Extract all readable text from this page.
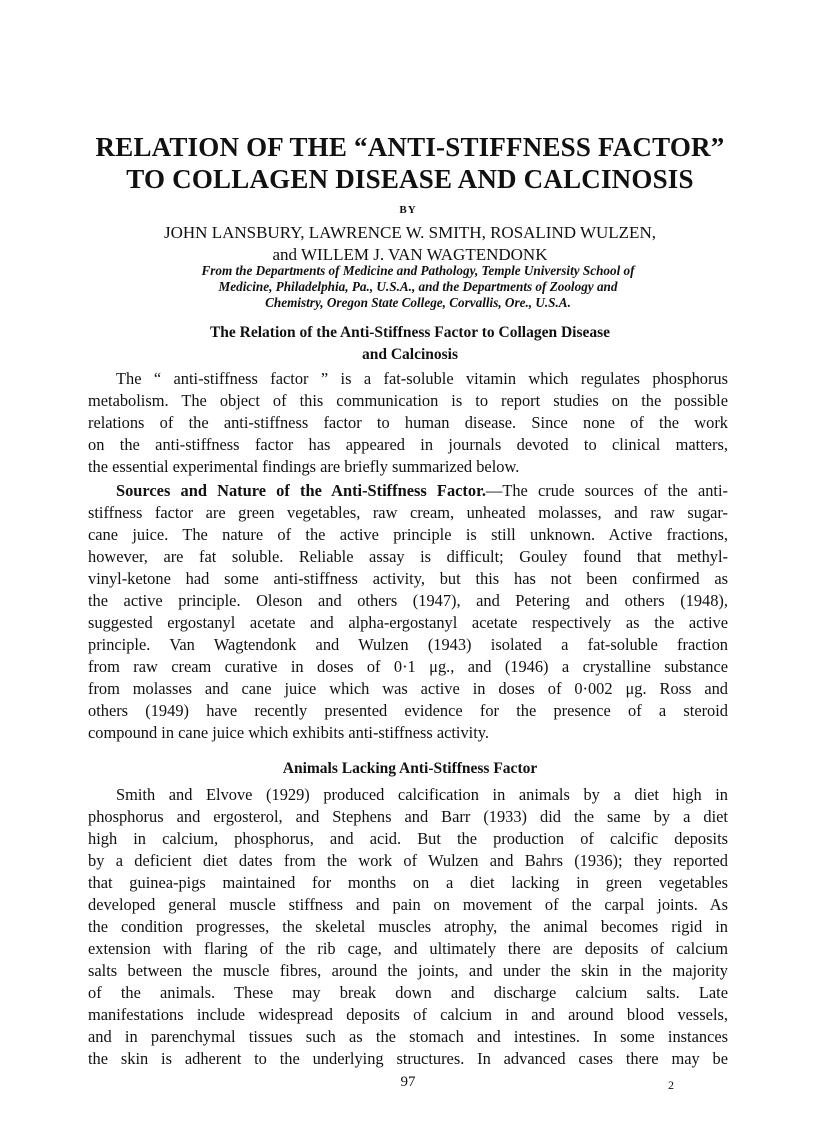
RELATION OF THE “ANTI-STIFFNESS FACTOR”
TO COLLAGEN DISEASE AND CALCINOSIS
BY
JOHN LANSBURY, LAWRENCE W. SMITH, ROSALIND WULZEN,
and WILLEM J. VAN WAGTENDONK
From the Departments of Medicine and Pathology, Temple University School of
Medicine, Philadelphia, Pa., U.S.A., and the Departments of Zoology and
Chemistry, Oregon State College, Corvallis, Ore., U.S.A.
The Relation of the Anti-Stiffness Factor to Collagen Disease
and Calcinosis
The “ anti-stiffness factor ” is a fat-soluble vitamin which regulates phosphorus
metabolism. The object of this communication is to report studies on the possible
relations of the anti-stiffness factor to human disease. Since none of the work
on the anti-stiffness factor has appeared in journals devoted to clinical matters,
the essential experimental findings are briefly summarized below.
Sources and Nature of the Anti-Stiffness Factor.—The crude sources of the anti-
stiffness factor are green vegetables, raw cream, unheated molasses, and raw sugar-
cane juice. The nature of the active principle is still unknown. Active fractions,
however, are fat soluble. Reliable assay is difficult; Gouley found that methyl-
vinyl-ketone had some anti-stiffness activity, but this has not been confirmed as
the active principle. Oleson and others (1947), and Petering and others (1948),
suggested ergostanyl acetate and alpha-ergostanyl acetate respectively as the active
principle. Van Wagtendonk and Wulzen (1943) isolated a fat-soluble fraction
from raw cream curative in doses of 0·1 μg., and (1946) a crystalline substance
from molasses and cane juice which was active in doses of 0·002 μg. Ross and
others (1949) have recently presented evidence for the presence of a steroid
compound in cane juice which exhibits anti-stiffness activity.
Animals Lacking Anti-Stiffness Factor
Smith and Elvove (1929) produced calcification in animals by a diet high in
phosphorus and ergosterol, and Stephens and Barr (1933) did the same by a diet
high in calcium, phosphorus, and acid. But the production of calcific deposits
by a deficient diet dates from the work of Wulzen and Bahrs (1936); they reported
that guinea-pigs maintained for months on a diet lacking in green vegetables
developed general muscle stiffness and pain on movement of the carpal joints. As
the condition progresses, the skeletal muscles atrophy, the animal becomes rigid in
extension with flaring of the rib cage, and ultimately there are deposits of calcium
salts between the muscle fibres, around the joints, and under the skin in the majority
of the animals. These may break down and discharge calcium salts. Late
manifestations include widespread deposits of calcium in and around blood vessels,
and in parenchymal tissues such as the stomach and intestines. In some instances
the skin is adherent to the underlying structures. In advanced cases there may be
97	2
